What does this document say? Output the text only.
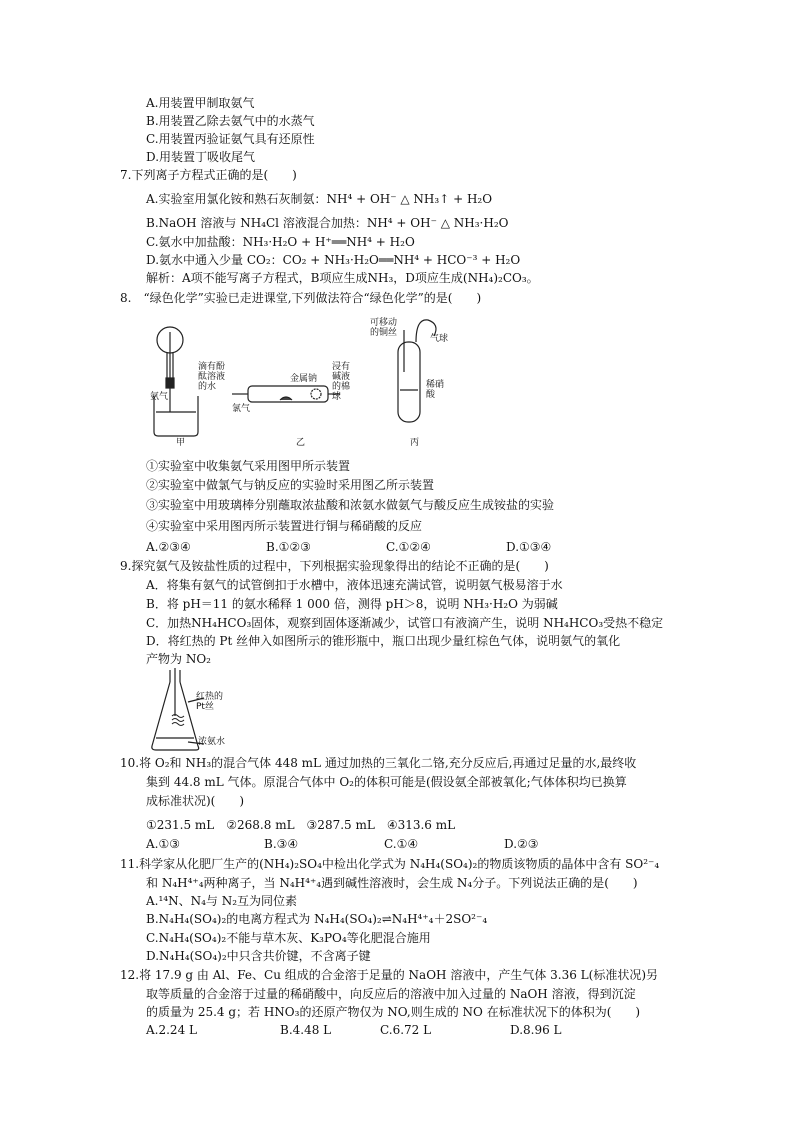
A.用装置甲制取氨气
B.用装置乙除去氨气中的水蒸气
C.用装置丙验证氨气具有还原性
D.用装置丁吸收尾气
7.下列离子方程式正确的是(　　)
A.实验室用氯化铵和熟石灰制氨：NH⁴ + OH⁻ △ NH₃↑ + H₂O
B.NaOH 溶液与 NH₄Cl 溶液混合加热：NH⁴ + OH⁻ △ NH₃·H₂O
C.氨水中加盐酸：NH₃·H₂O + H⁺══NH⁴ + H₂O
D.氨水中通入少量 CO₂：CO₂ + NH₃·H₂O══NH⁴ + HCO⁻³ + H₂O
解析：A项不能写离子方程式，B项应生成NH₃，D项应生成(NH₄)₂CO₃。
8.　“绿色化学”实验已走进课堂,下列做法符合“绿色化学”的是(　　)
氨气
滴有酚酞溶液的水
甲
金属钠
浸有碱液的棉球
氯气
乙
可移动的铜丝
气球
稀硝酸
丙
①实验室中收集氨气采用图甲所示装置
②实验室中做氯气与钠反应的实验时采用图乙所示装置
③实验室中用玻璃棒分别蘸取浓盐酸和浓氨水做氨气与酸反应生成铵盐的实验
④实验室中采用图丙所示装置进行铜与稀硝酸的反应
A.②③④	B.①②③	C.①②④	D.①③④
9.探究氨气及铵盐性质的过程中，下列根据实验现象得出的结论不正确的是(　　)
A．将集有氨气的试管倒扣于水槽中，液体迅速充满试管，说明氨气极易溶于水
B．将 pH＝11 的氨水稀释 1 000 倍，测得 pH＞8，说明 NH₃·H₂O 为弱碱
C．加热NH₄HCO₃固体，观察到固体逐渐减少，试管口有液滴产生，说明 NH₄HCO₃受热不稳定
D．将红热的 Pt 丝伸入如图所示的锥形瓶中，瓶口出现少量红棕色气体，说明氨气的氧化
产物为 NO₂
红热的Pt丝
浓氨水
10.将 O₂和 NH₃的混合气体 448 mL 通过加热的三氧化二铬,充分反应后,再通过足量的水,最终收
集到 44.8 mL 气体。原混合气体中 O₂的体积可能是(假设氨全部被氧化;气体体积均已换算
成标准状况)(　　)
①231.5 mL　②268.8 mL　③287.5 mL　④313.6 mL
A.①③	B.③④	C.①④	D.②③
11.科学家从化肥厂生产的(NH₄)₂SO₄中检出化学式为 N₄H₄(SO₄)₂的物质该物质的晶体中含有 SO²⁻₄
和 N₄H⁴⁺₄两种离子，当 N₄H⁴⁺₄遇到碱性溶液时，会生成 N₄分子。下列说法正确的是(　　)
A.¹⁴N、N₄与 N₂互为同位素
B.N₄H₄(SO₄)₂的电离方程式为 N₄H₄(SO₄)₂⇌N₄H⁴⁺₄＋2SO²⁻₄
C.N₄H₄(SO₄)₂不能与草木灰、K₃PO₄等化肥混合施用
D.N₄H₄(SO₄)₂中只含共价键，不含离子键
12.将 17.9 g 由 Al、Fe、Cu 组成的合金溶于足量的 NaOH 溶液中，产生气体 3.36 L(标准状况)另
取等质量的合金溶于过量的稀硝酸中，向反应后的溶液中加入过量的 NaOH 溶液，得到沉淀
的质量为 25.4 g；若 HNO₃的还原产物仅为 NO,则生成的 NO 在标准状况下的体积为(　　)
A.2.24 L	B.4.48 L	C.6.72 L	D.8.96 L
